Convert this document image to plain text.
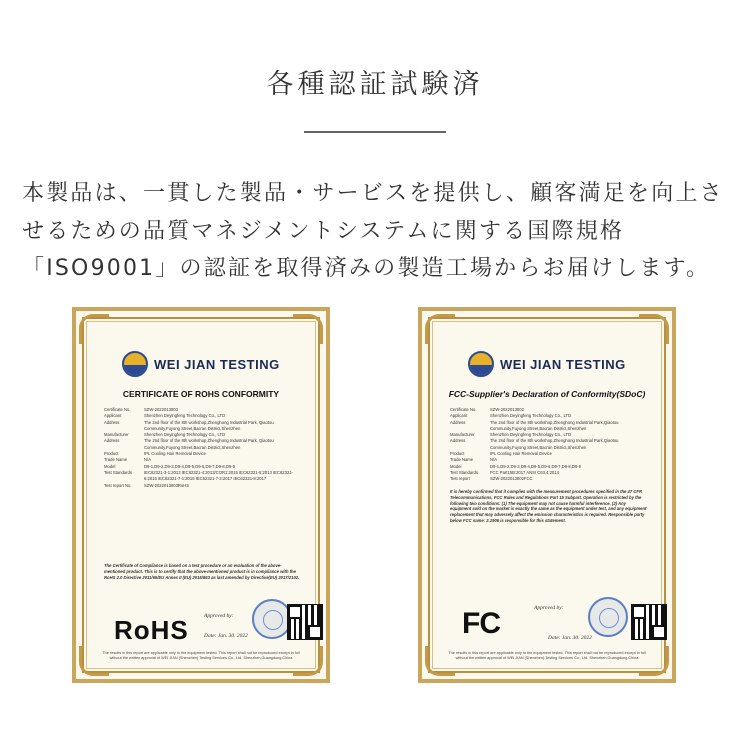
各種認証試験済

本製品は、一貫した製品・サービスを提供し、顧客満足を向上させるための品質マネジメントシステムに関する国際規格「ISO9001」の認証を取得済みの製造工場からお届けします。

WEI JIAN TESTING
CERTIFICATE OF ROHS CONFORMITY
Certificate No.	SZW-2022013003
Applicant	Shenzhen Deyingfeng Technology Co., LTD
Address	The 2nd floor of the 8th workshop,Zhenghong Industrial Park, Qiaotou Community,Fuyong Street,Bao'an District,Shenzhen
Manufacturer	Shenzhen Deyingfeng Technology Co., LTD
Address	The 2nd floor of the 8th workshop,Zhenghong Industrial Park, Qiaotou Community,Fuyong Street,Bao'an District,Shenzhen
Product	IPL Cooling Hair Removal Device
Trade Name	N/A
Model	D9-1,D9-2,D9-3,D9-4,D9-5,D9-6,D9-7,D9-8,D9-9
Test Standards	IEC62321-3-1:2013 IEC62321-4:2013/COR1:2015 IEC62321-5:2013 IEC62321-6:2015 IEC62321-7-1:2015 IEC62321-7-2:2017 IEC62321-8:2017
Test report No.	SZW-2022013003RoHS
The Certificate of Compliance is based on a test procedure or an evaluation of the above-mentioned product. This is to certify that the above-mentioned product is in compliance with the RoHS 2.0 Directive 2011/65/EU Annex II (EU) 2015/863 as last amended by Directive(EU) 2017/2102.
RoHS	Approved by:
Date: Jan. 30. 2022
The results in this report are applicable only to the equipment tested. This report shall not be reproduced except in full without the written approval of WEI JIAN (Shenzhen) Testing Services Co., Ltd. Shenzhen,Guangdong,China
WEI JIAN TESTING
FCC-Supplier's Declaration of Conformity(SDoC)
Certificate No.	SZW-2022013002
Applicant	Shenzhen Deyingfeng Technology Co., LTD
Address	The 2nd floor of the 8th workshop,Zhenghong Industrial Park,Qiaotou Community,Fuyong Street,Bao'an District,Shenzhen
Manufacturer	Shenzhen Deyingfeng Technology Co., LTD
Address	The 2nd floor of the 8th workshop,Zhenghong Industrial Park,Qiaotou Community,Fuyong Street,Bao'an District,Shenzhen
Product	IPL Cooling Hair Removal Device
Trade Name	N/A
Model	D9-1,D9-2,D9-3,D9-4,D9-5,D9-6,D9-7,D9-8,D9-9
Test Standards	FCC Part15B:2017 ANSI C63.4:2014
Test report	SZW-2022013002FCC
It is hereby confirmed that it complies with the measurement procedures specified in the 47 CFR Telecommunications, FCC Rules and Regulations Part 15 Subpart. Operation is restricted by the following two conditions: (1) The equipment may not cause harmful interference. (2) Any equipment sold on the market is exactly the same as the equipment under test, and any equipment replacement that may adversely affect the emission characteristics is required. Responsible party below FCC name: 2.1906 is responsible for this statement.
FC	Approved by:
Date: Jan. 30. 2022
The results in this report are applicable only to the equipment tested. This report shall not be reproduced except in full without the written approval of WEI JIAN (Shenzhen) Testing Services Co., Ltd. Shenzhen,Guangdong,China
